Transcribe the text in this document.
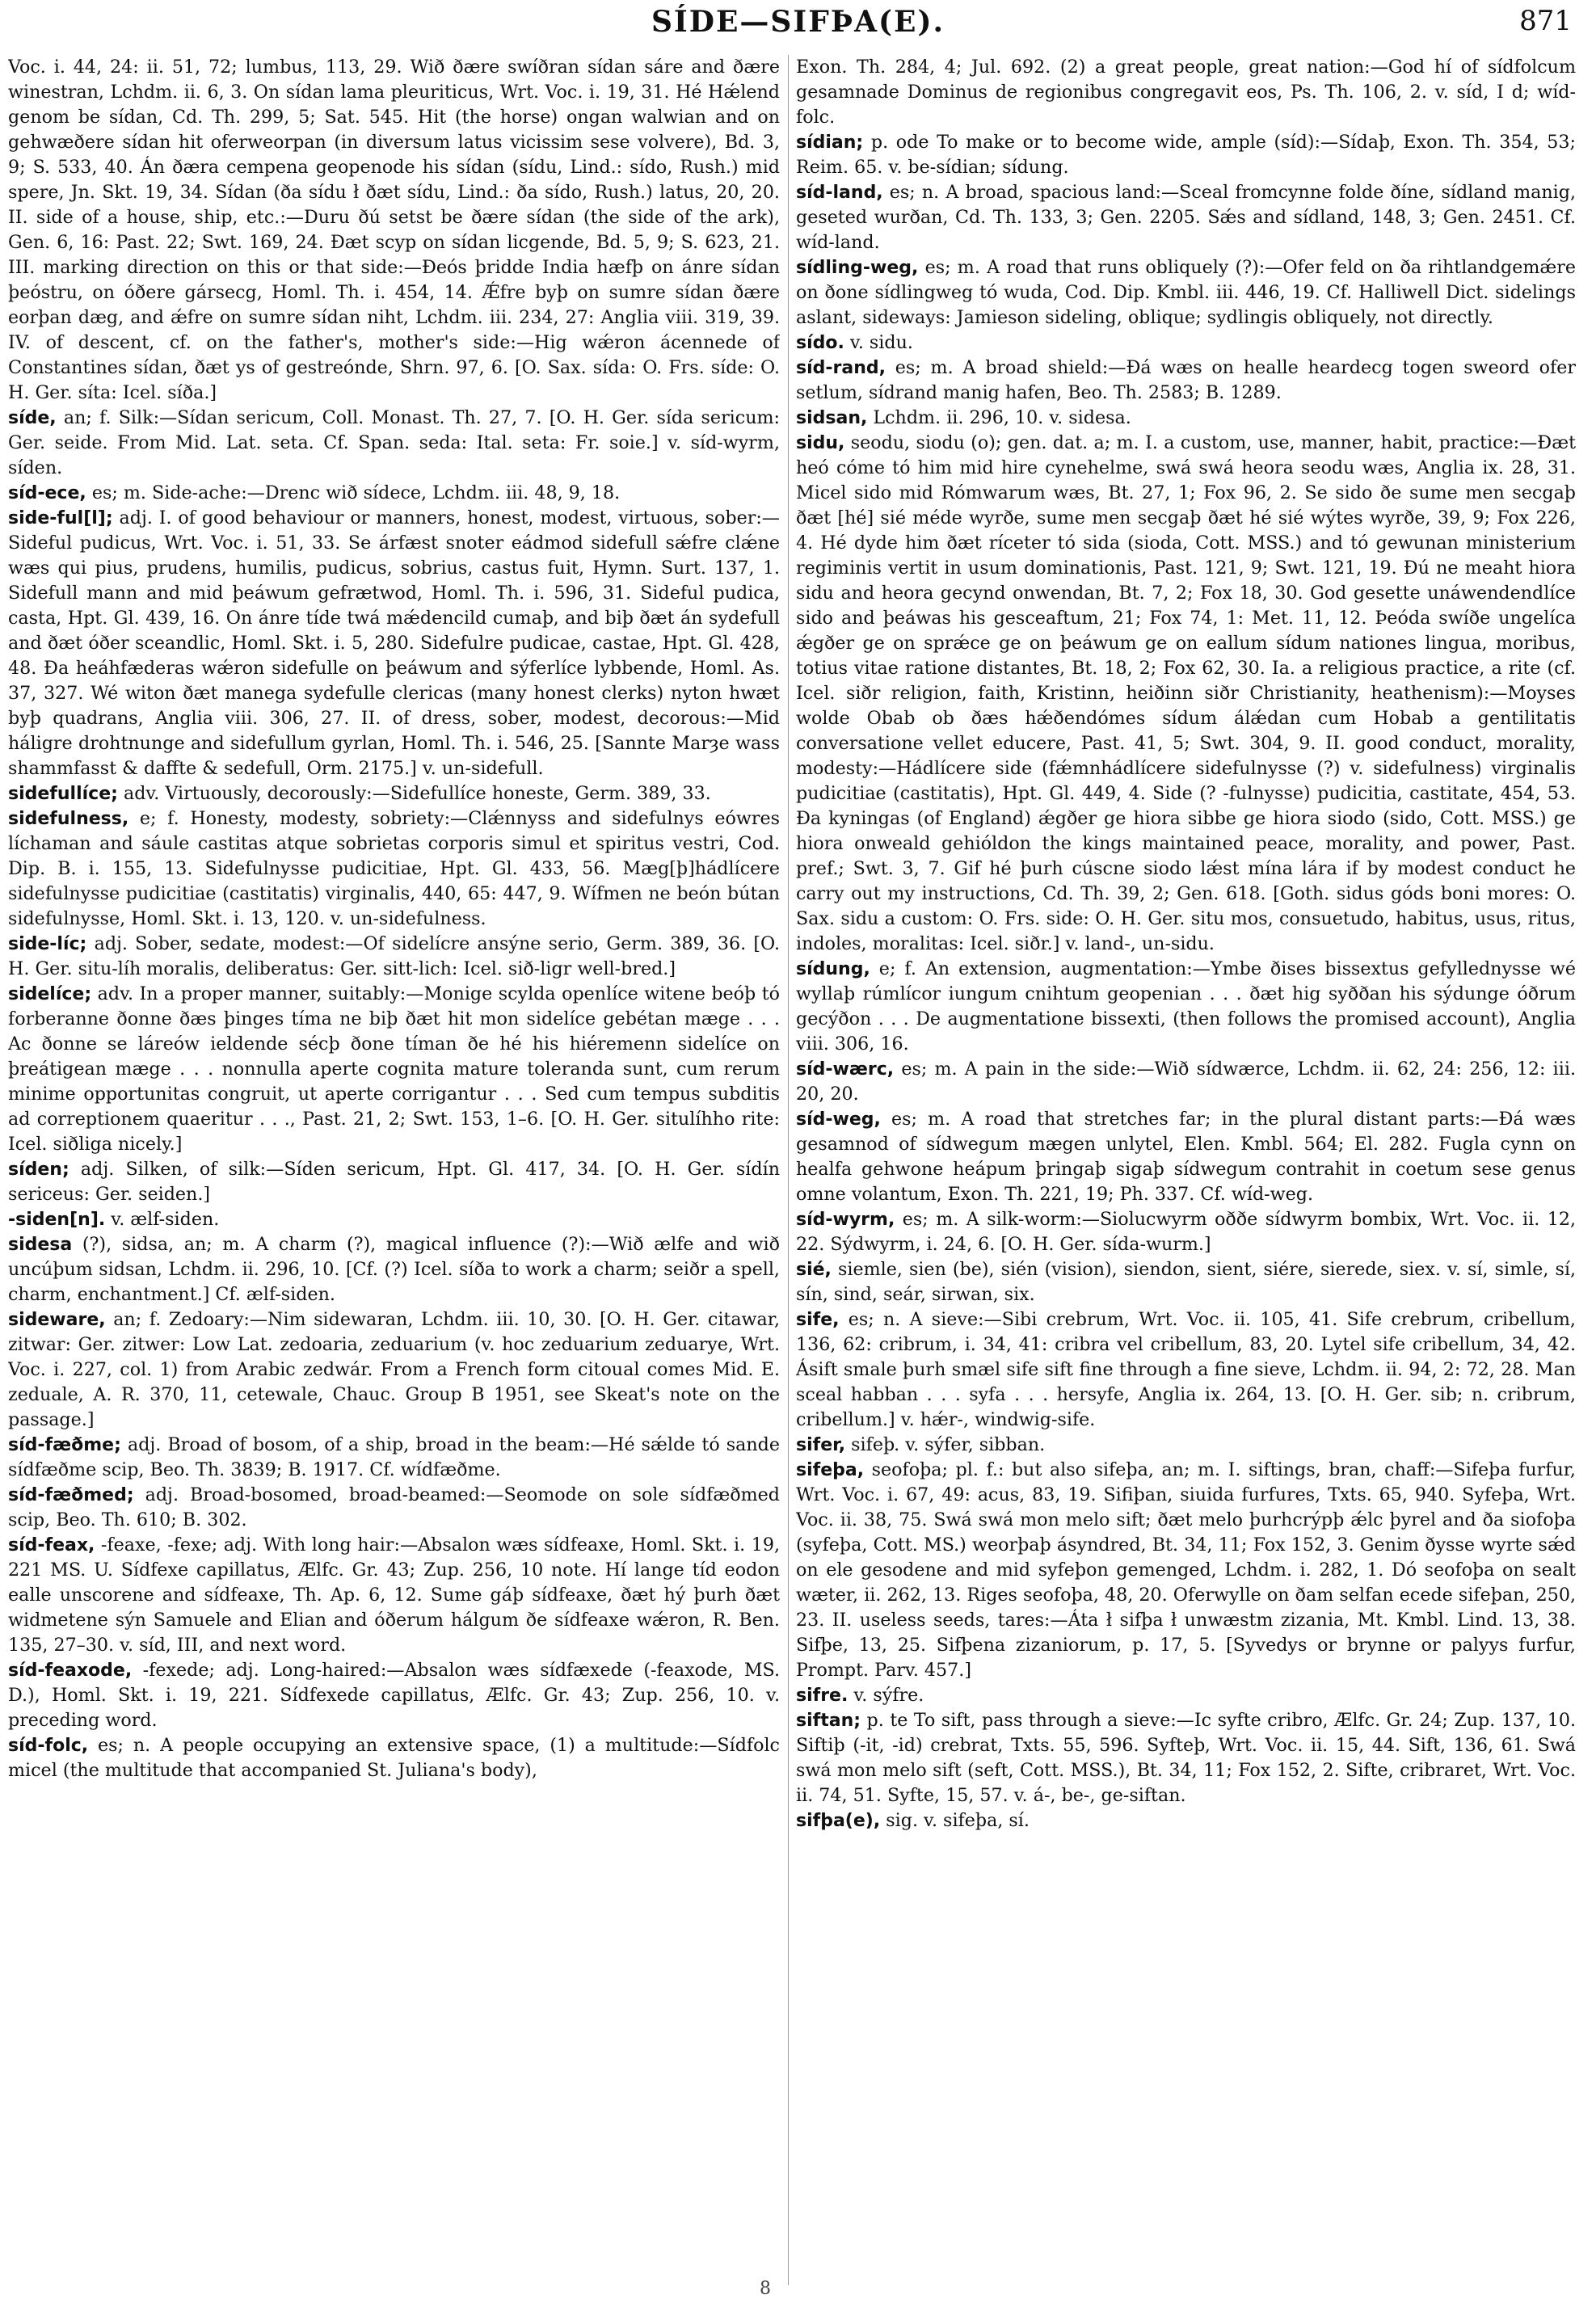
SÍDE—SIFÞA(E).	871

Voc. i. 44, 24: ii. 51, 72; lumbus, 113, 29. Wið ðære swíðran sídan sáre and ðære winestran, Lchdm. ii. 6, 3. On sídan lama pleuriticus, Wrt. Voc. i. 19, 31. Hé Hǽlend genom be sídan, Cd. Th. 299, 5; Sat. 545. Hit (the horse) ongan walwian and on gehwæðere sídan hit oferweorpan (in diversum latus vicissim sese volvere), Bd. 3, 9; S. 533, 40. Án ðæra cempena geopenode his sídan (sídu, Lind.: sído, Rush.) mid spere, Jn. Skt. 19, 34. Sídan (ða sídu ł ðæt sídu, Lind.: ða sído, Rush.) latus, 20, 20. II. side of a house, ship, etc.:—Duru ðú setst be ðære sídan (the side of the ark), Gen. 6, 16: Past. 22; Swt. 169, 24. Ðæt scyp on sídan licgende, Bd. 5, 9; S. 623, 21. III. marking direction on this or that side:—Ðeós þridde India hæfþ on ánre sídan þeóstru, on óðere gársecg, Homl. Th. i. 454, 14. Ǽfre byþ on sumre sídan ðære eorþan dæg, and ǽfre on sumre sídan niht, Lchdm. iii. 234, 27: Anglia viii. 319, 39. IV. of descent, cf. on the father's, mother's side:—Hig wǽron ácennede of Constantines sídan, ðæt ys of gestreónde, Shrn. 97, 6. [O. Sax. sída: O. Frs. síde: O. H. Ger. síta: Icel. síða.]

síde, an; f. Silk:—Sídan sericum, Coll. Monast. Th. 27, 7. [O. H. Ger. sída sericum: Ger. seide. From Mid. Lat. seta. Cf. Span. seda: Ital. seta: Fr. soie.] v. síd-wyrm, síden.

síd-ece, es; m. Side-ache:—Drenc wið sídece, Lchdm. iii. 48, 9, 18.

side-ful[l]; adj. I. of good behaviour or manners, honest, modest, virtuous, sober:—Sideful pudicus, Wrt. Voc. i. 51, 33. Se árfæst snoter eádmod sidefull sǽfre clǽne wæs qui pius, prudens, humilis, pudicus, sobrius, castus fuit, Hymn. Surt. 137, 1. Sidefull mann and mid þeáwum gefrætwod, Homl. Th. i. 596, 31. Sideful pudica, casta, Hpt. Gl. 439, 16. On ánre tíde twá mǽdencild cumaþ, and biþ ðæt án sydefull and ðæt óðer sceandlic, Homl. Skt. i. 5, 280. Sidefulre pudicae, castae, Hpt. Gl. 428, 48. Ða heáhfæderas wǽron sidefulle on þeáwum and sýferlíce lybbende, Homl. As. 37, 327. Wé witon ðæt manega sydefulle clericas (many honest clerks) nyton hwæt byþ quadrans, Anglia viii. 306, 27. II. of dress, sober, modest, decorous:—Mid háligre drohtnunge and sidefullum gyrlan, Homl. Th. i. 546, 25. [Sannte Marȝe wass shammfasst & daffte & sedefull, Orm. 2175.] v. un-sidefull.

sidefullíce; adv. Virtuously, decorously:—Sidefullíce honeste, Germ. 389, 33.

sidefulness, e; f. Honesty, modesty, sobriety:—Clǽnnyss and sidefulnys eówres líchaman and sáule castitas atque sobrietas corporis simul et spiritus vestri, Cod. Dip. B. i. 155, 13. Sidefulnysse pudicitiae, Hpt. Gl. 433, 56. Mæg[þ]hádlícere sidefulnysse pudicitiae (castitatis) virginalis, 440, 65: 447, 9. Wífmen ne beón bútan sidefulnysse, Homl. Skt. i. 13, 120. v. un-sidefulness.

side-líc; adj. Sober, sedate, modest:—Of sidelícre ansýne serio, Germ. 389, 36. [O. H. Ger. situ-líh moralis, deliberatus: Ger. sitt-lich: Icel. sið-ligr well-bred.]

sidelíce; adv. In a proper manner, suitably:—Monige scylda openlíce witene beóþ tó forberanne ðonne ðæs þinges tíma ne biþ ðæt hit mon sidelíce gebétan mæge . . . Ac ðonne se láreów ieldende sécþ ðone tíman ðe hé his hiéremenn sidelíce on þreátigean mæge . . . nonnulla aperte cognita mature toleranda sunt, cum rerum minime opportunitas congruit, ut aperte corrigantur . . . Sed cum tempus subditis ad correptionem quaeritur . . ., Past. 21, 2; Swt. 153, 1–6. [O. H. Ger. situlíhho rite: Icel. siðliga nicely.]

síden; adj. Silken, of silk:—Síden sericum, Hpt. Gl. 417, 34. [O. H. Ger. sídín sericeus: Ger. seiden.]

-siden[n]. v. ælf-siden.

sidesa (?), sidsa, an; m. A charm (?), magical influence (?):—Wið ælfe and wið uncúþum sidsan, Lchdm. ii. 296, 10. [Cf. (?) Icel. síða to work a charm; seiðr a spell, charm, enchantment.] Cf. ælf-siden.

sideware, an; f. Zedoary:—Nim sidewaran, Lchdm. iii. 10, 30. [O. H. Ger. citawar, zitwar: Ger. zitwer: Low Lat. zedoaria, zeduarium (v. hoc zeduarium zeduarye, Wrt. Voc. i. 227, col. 1) from Arabic zedwár. From a French form citoual comes Mid. E. zeduale, A. R. 370, 11, cetewale, Chauc. Group B 1951, see Skeat's note on the passage.]

síd-fæðme; adj. Broad of bosom, of a ship, broad in the beam:—Hé sǽlde tó sande sídfæðme scip, Beo. Th. 3839; B. 1917. Cf. wídfæðme.

síd-fæðmed; adj. Broad-bosomed, broad-beamed:—Seomode on sole sídfæðmed scip, Beo. Th. 610; B. 302.

síd-feax, -feaxe, -fexe; adj. With long hair:—Absalon wæs sídfeaxe, Homl. Skt. i. 19, 221 MS. U. Sídfexe capillatus, Ælfc. Gr. 43; Zup. 256, 10 note. Hí lange tíd eodon ealle unscorene and sídfeaxe, Th. Ap. 6, 12. Sume gáþ sídfeaxe, ðæt hý þurh ðæt widmetene sýn Samuele and Elian and óðerum hálgum ðe sídfeaxe wǽron, R. Ben. 135, 27–30. v. síd, III, and next word.

síd-feaxode, -fexede; adj. Long-haired:—Absalon wæs sídfæxede (-feaxode, MS. D.), Homl. Skt. i. 19, 221. Sídfexede capillatus, Ælfc. Gr. 43; Zup. 256, 10. v. preceding word.

síd-folc, es; n. A people occupying an extensive space, (1) a multitude:—Sídfolc micel (the multitude that accompanied St. Juliana's body),

Exon. Th. 284, 4; Jul. 692. (2) a great people, great nation:—God hí of sídfolcum gesamnade Dominus de regionibus congregavit eos, Ps. Th. 106, 2. v. síd, I d; wíd-folc.

sídian; p. ode To make or to become wide, ample (síd):—Sídaþ, Exon. Th. 354, 53; Reim. 65. v. be-sídian; sídung.

síd-land, es; n. A broad, spacious land:—Sceal fromcynne folde ðíne, sídland manig, geseted wurðan, Cd. Th. 133, 3; Gen. 2205. Sǽs and sídland, 148, 3; Gen. 2451. Cf. wíd-land.

sídling-weg, es; m. A road that runs obliquely (?):—Ofer feld on ða rihtlandgemǽre on ðone sídlingweg tó wuda, Cod. Dip. Kmbl. iii. 446, 19. Cf. Halliwell Dict. sidelings aslant, sideways: Jamieson sideling, oblique; sydlingis obliquely, not directly.

sído. v. sidu.

síd-rand, es; m. A broad shield:—Ðá wæs on healle heardecg togen sweord ofer setlum, sídrand manig hafen, Beo. Th. 2583; B. 1289.

sidsan, Lchdm. ii. 296, 10. v. sidesa.

sidu, seodu, siodu (o); gen. dat. a; m. I. a custom, use, manner, habit, practice:—Ðæt heó cóme tó him mid hire cynehelme, swá swá heora seodu wæs, Anglia ix. 28, 31. Micel sido mid Rómwarum wæs, Bt. 27, 1; Fox 96, 2. Se sido ðe sume men secgaþ ðæt [hé] sié méde wyrðe, sume men secgaþ ðæt hé sié wýtes wyrðe, 39, 9; Fox 226, 4. Hé dyde him ðæt ríceter tó sida (sioda, Cott. MSS.) and tó gewunan ministerium regiminis vertit in usum dominationis, Past. 121, 9; Swt. 121, 19. Ðú ne meaht hiora sidu and heora gecynd onwendan, Bt. 7, 2; Fox 18, 30. God gesette unáwendendlíce sido and þeáwas his gesceaftum, 21; Fox 74, 1: Met. 11, 12. Þeóda swíðe ungelíca ǽgðer ge on sprǽce ge on þeáwum ge on eallum sídum nationes lingua, moribus, totius vitae ratione distantes, Bt. 18, 2; Fox 62, 30. Ia. a religious practice, a rite (cf. Icel. siðr religion, faith, Kristinn, heiðinn siðr Christianity, heathenism):—Moyses wolde Obab ob ðæs hǽðendómes sídum álǽdan cum Hobab a gentilitatis conversatione vellet educere, Past. 41, 5; Swt. 304, 9. II. good conduct, morality, modesty:—Hádlícere side (fǽmnhádlícere sidefulnysse (?) v. sidefulness) virginalis pudicitiae (castitatis), Hpt. Gl. 449, 4. Side (? -fulnysse) pudicitia, castitate, 454, 53. Ða kyningas (of England) ǽgðer ge hiora sibbe ge hiora siodo (sido, Cott. MSS.) ge hiora onweald gehióldon the kings maintained peace, morality, and power, Past. pref.; Swt. 3, 7. Gif hé þurh cúscne siodo lǽst mína lára if by modest conduct he carry out my instructions, Cd. Th. 39, 2; Gen. 618. [Goth. sidus góds boni mores: O. Sax. sidu a custom: O. Frs. side: O. H. Ger. situ mos, consuetudo, habitus, usus, ritus, indoles, moralitas: Icel. siðr.] v. land-, un-sidu.

sídung, e; f. An extension, augmentation:—Ymbe ðises bissextus gefyllednysse wé wyllaþ rúmlícor iungum cnihtum geopenian . . . ðæt hig syððan his sýdunge óðrum gecýðon . . . De augmentatione bissexti, (then follows the promised account), Anglia viii. 306, 16.

síd-wærc, es; m. A pain in the side:—Wið sídwærce, Lchdm. ii. 62, 24: 256, 12: iii. 20, 20.

síd-weg, es; m. A road that stretches far; in the plural distant parts:—Ðá wæs gesamnod of sídwegum mægen unlytel, Elen. Kmbl. 564; El. 282. Fugla cynn on healfa gehwone heápum þringaþ sigaþ sídwegum contrahit in coetum sese genus omne volantum, Exon. Th. 221, 19; Ph. 337. Cf. wíd-weg.

síd-wyrm, es; m. A silk-worm:—Siolucwyrm oððe sídwyrm bombix, Wrt. Voc. ii. 12, 22. Sýdwyrm, i. 24, 6. [O. H. Ger. sída-wurm.]

sié, siemle, sien (be), sién (vision), siendon, sient, siére, sierede, siex. v. sí, simle, sí, sín, sind, seár, sirwan, six.

sife, es; n. A sieve:—Sibi crebrum, Wrt. Voc. ii. 105, 41. Sife crebrum, cribellum, 136, 62: cribrum, i. 34, 41: cribra vel cribellum, 83, 20. Lytel sife cribellum, 34, 42. Ásift smale þurh smæl sife sift fine through a fine sieve, Lchdm. ii. 94, 2: 72, 28. Man sceal habban . . . syfa . . . hersyfe, Anglia ix. 264, 13. [O. H. Ger. sib; n. cribrum, cribellum.] v. hǽr-, windwig-sife.

sifer, sifeþ. v. sýfer, sibban.

sifeþa, seofoþa; pl. f.: but also sifeþa, an; m. I. siftings, bran, chaff:—Sifeþa furfur, Wrt. Voc. i. 67, 49: acus, 83, 19. Sifiþan, siuida furfures, Txts. 65, 940. Syfeþa, Wrt. Voc. ii. 38, 75. Swá swá mon melo sift; ðæt melo þurhcrýpþ ǽlc þyrel and ða siofoþa (syfeþa, Cott. MS.) weorþaþ ásyndred, Bt. 34, 11; Fox 152, 3. Genim ðysse wyrte sǽd on ele gesodene and mid syfeþon gemenged, Lchdm. i. 282, 1. Dó seofoþa on sealt wæter, ii. 262, 13. Riges seofoþa, 48, 20. Oferwylle on ðam selfan ecede sifeþan, 250, 23. II. useless seeds, tares:—Áta ł sifþa ł unwæstm zizania, Mt. Kmbl. Lind. 13, 38. Sifþe, 13, 25. Sifþena zizaniorum, p. 17, 5. [Syvedys or brynne or palyys furfur, Prompt. Parv. 457.]

sifre. v. sýfre.

siftan; p. te To sift, pass through a sieve:—Ic syfte cribro, Ælfc. Gr. 24; Zup. 137, 10. Siftiþ (-it, -id) crebrat, Txts. 55, 596. Syfteþ, Wrt. Voc. ii. 15, 44. Sift, 136, 61. Swá swá mon melo sift (seft, Cott. MSS.), Bt. 34, 11; Fox 152, 2. Sifte, cribraret, Wrt. Voc. ii. 74, 51. Syfte, 15, 57. v. á-, be-, ge-siftan.

sifþa(e), sig. v. sifeþa, sí.

8
